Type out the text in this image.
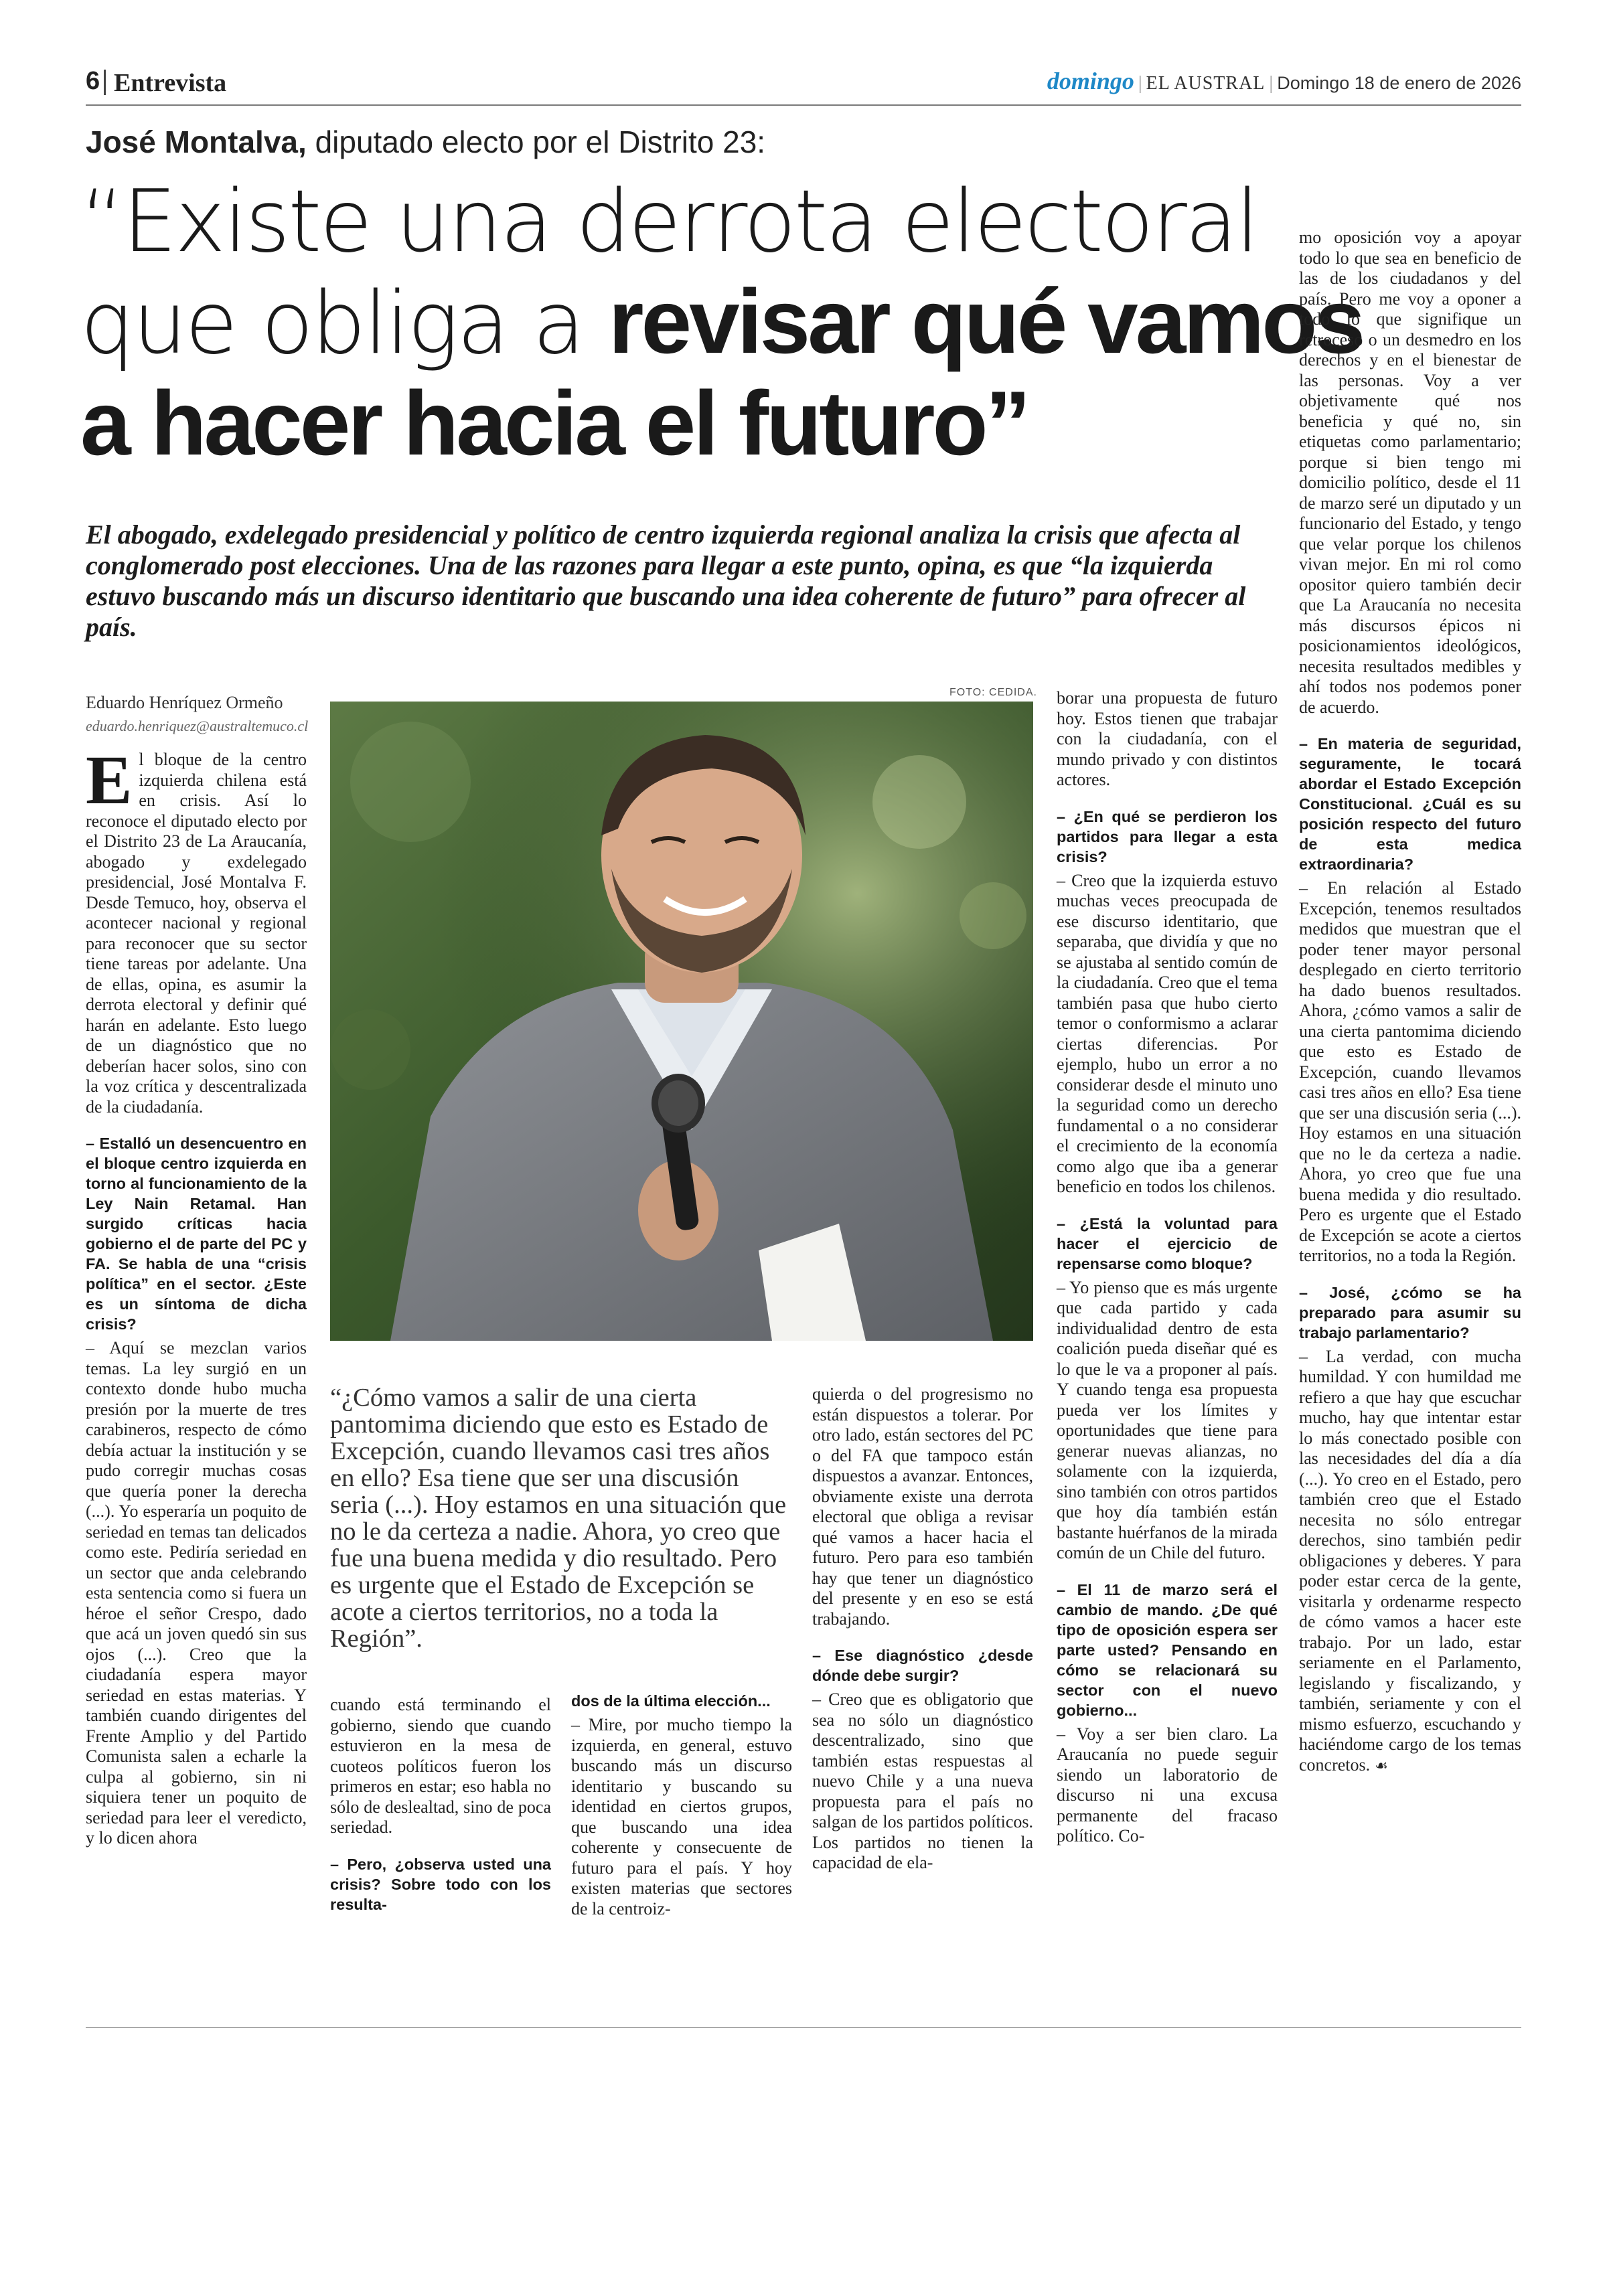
6 Entrevista	domingo | EL AUSTRAL | Domingo 18 de enero de 2026
José Montalva, diputado electo por el Distrito 23:
“Existe una derrota electoral
que obliga a revisar qué vamos
a hacer hacia el futuro”
El abogado, exdelegado presidencial y político de centro izquierda regional analiza la crisis que afecta al conglomerado post elecciones. Una de las razones para llegar a este punto, opina, es que “la izquierda estuvo buscando más un discurso identitario que buscando una idea coherente de futuro” para ofrecer al país.
Eduardo Henríquez Ormeño
eduardo.henriquez@australtemuco.cl
FOTO: CEDIDA.
“¿Cómo vamos a salir de una cierta pantomima diciendo que esto es Estado de Excepción, cuando llevamos casi tres años en ello? Esa tiene que ser una discusión seria (...). Hoy estamos en una situación que no le da certeza a nadie. Ahora, yo creo que fue una buena medida y dio resultado. Pero es urgente que el Estado de Excepción se acote a ciertos territorios, no a toda la Región”.

El bloque de la centro izquierda chilena está en crisis. Así lo reconoce el diputado electo por el Distrito 23 de La Araucanía, abogado y exdelegado presidencial, José Montalva F. Desde Temuco, hoy, observa el acontecer nacional y regional para reconocer que su sector tiene tareas por adelante. Una de ellas, opina, es asumir la derrota electoral y definir qué harán en adelante. Esto luego de un diagnóstico que no deberían hacer solos, sino con la voz crítica y descentralizada de la ciudadanía.

– Estalló un desencuentro en el bloque centro izquierda en torno al funcionamiento de la Ley Nain Retamal. Han surgido críticas hacia gobierno el de parte del PC y FA. Se habla de una “crisis política” en el sector. ¿Este es un síntoma de dicha crisis?

– Aquí se mezclan varios temas. La ley surgió en un contexto donde hubo mucha presión por la muerte de tres carabineros, respecto de cómo debía actuar la institución y se pudo corregir muchas cosas que quería poner la derecha (...). Yo esperaría un poquito de seriedad en temas tan delicados como este. Pediría seriedad en un sector que anda celebrando esta sentencia como si fuera un héroe el señor Crespo, dado que acá un joven quedó sin sus ojos (...). Creo que la ciudadanía espera mayor seriedad en estas materias. Y también cuando dirigentes del Frente Amplio y del Partido Comunista salen a echarle la culpa al gobierno, sin ni siquiera tener un poquito de seriedad para leer el veredicto, y lo dicen ahora

cuando está terminando el gobierno, siendo que cuando estuvieron en la mesa de cuoteos políticos fueron los primeros en estar; eso habla no sólo de deslealtad, sino de poca seriedad.

– Pero, ¿observa usted una crisis? Sobre todo con los resulta-

dos de la última elección...

– Mire, por mucho tiempo la izquierda, en general, estuvo buscando más un discurso identitario y buscando su identidad en ciertos grupos, que buscando una idea coherente y consecuente de futuro para el país. Y hoy existen materias que sectores de la centroiz-

quierda o del progresismo no están dispuestos a tolerar. Por otro lado, están sectores del PC o del FA que tampoco están dispuestos a avanzar. Entonces, obviamente existe una derrota electoral que obliga a revisar qué vamos a hacer hacia el futuro. Pero para eso también hay que tener un diagnóstico del presente y en eso se está trabajando.

– Ese diagnóstico ¿desde dónde debe surgir?

– Creo que es obligatorio que sea no sólo un diagnóstico descentralizado, sino que también estas respuestas al nuevo Chile y a una nueva propuesta para el país no salgan de los partidos políticos. Los partidos no tienen la capacidad de ela-

borar una propuesta de futuro hoy. Estos tienen que trabajar con la ciudadanía, con el mundo privado y con distintos actores.

– ¿En qué se perdieron los partidos para llegar a esta crisis?

– Creo que la izquierda estuvo muchas veces preocupada de ese discurso identitario, que separaba, que dividía y que no se ajustaba al sentido común de la ciudadanía. Creo que el tema también pasa que hubo cierto temor o conformismo a aclarar ciertas diferencias. Por ejemplo, hubo un error a no considerar desde el minuto uno la seguridad como un derecho fundamental o a no considerar el crecimiento de la economía como algo que iba a generar beneficio en todos los chilenos.

– ¿Está la voluntad para hacer el ejercicio de repensarse como bloque?

– Yo pienso que es más urgente que cada partido y cada individualidad dentro de esta coalición pueda diseñar qué es lo que le va a proponer al país. Y cuando tenga esa propuesta pueda ver los límites y oportunidades que tiene para generar nuevas alianzas, no solamente con la izquierda, sino también con otros partidos que hoy día también están bastante huérfanos de la mirada común de un Chile del futuro.

– El 11 de marzo será el cambio de mando. ¿De qué tipo de oposición espera ser parte usted? Pensando en cómo se relacionará su sector con el nuevo gobierno...

– Voy a ser bien claro. La Araucanía no puede seguir siendo un laboratorio de discurso ni una excusa permanente del fracaso político. Co-

mo oposición voy a apoyar todo lo que sea en beneficio de las de los ciudadanos y del país. Pero me voy a oponer a todo lo que signifique un retroceso o un desmedro en los derechos y en el bienestar de las personas. Voy a ver objetivamente qué nos beneficia y qué no, sin etiquetas como parlamentario; porque si bien tengo mi domicilio político, desde el 11 de marzo seré un diputado y un funcionario del Estado, y tengo que velar porque los chilenos vivan mejor. En mi rol como opositor quiero también decir que La Araucanía no necesita más discursos épicos ni posicionamientos ideológicos, necesita resultados medibles y ahí todos nos podemos poner de acuerdo.

– En materia de seguridad, seguramente, le tocará abordar el Estado Excepción Constitucional. ¿Cuál es su posición respecto del futuro de esta medica extraordinaria?

– En relación al Estado Excepción, tenemos resultados medidos que muestran que el poder tener mayor personal desplegado en cierto territorio ha dado buenos resultados. Ahora, ¿cómo vamos a salir de una cierta pantomima diciendo que esto es Estado de Excepción, cuando llevamos casi tres años en ello? Esa tiene que ser una discusión seria (...). Hoy estamos en una situación que no le da certeza a nadie. Ahora, yo creo que fue una buena medida y dio resultado. Pero es urgente que el Estado de Excepción se acote a ciertos territorios, no a toda la Región.

– José, ¿cómo se ha preparado para asumir su trabajo parlamentario?

– La verdad, con mucha humildad. Y con humildad me refiero a que hay que escuchar mucho, hay que intentar estar lo más conectado posible con las necesidades del día a día (...). Yo creo en el Estado, pero también creo que el Estado necesita no sólo entregar derechos, sino también pedir obligaciones y deberes. Y para poder estar cerca de la gente, visitarla y ordenarme respecto de cómo vamos a hacer este trabajo. Por un lado, estar seriamente en el Parlamento, legislando y fiscalizando, y también, seriamente y con el mismo esfuerzo, escuchando y haciéndome cargo de los temas concretos. ☙
